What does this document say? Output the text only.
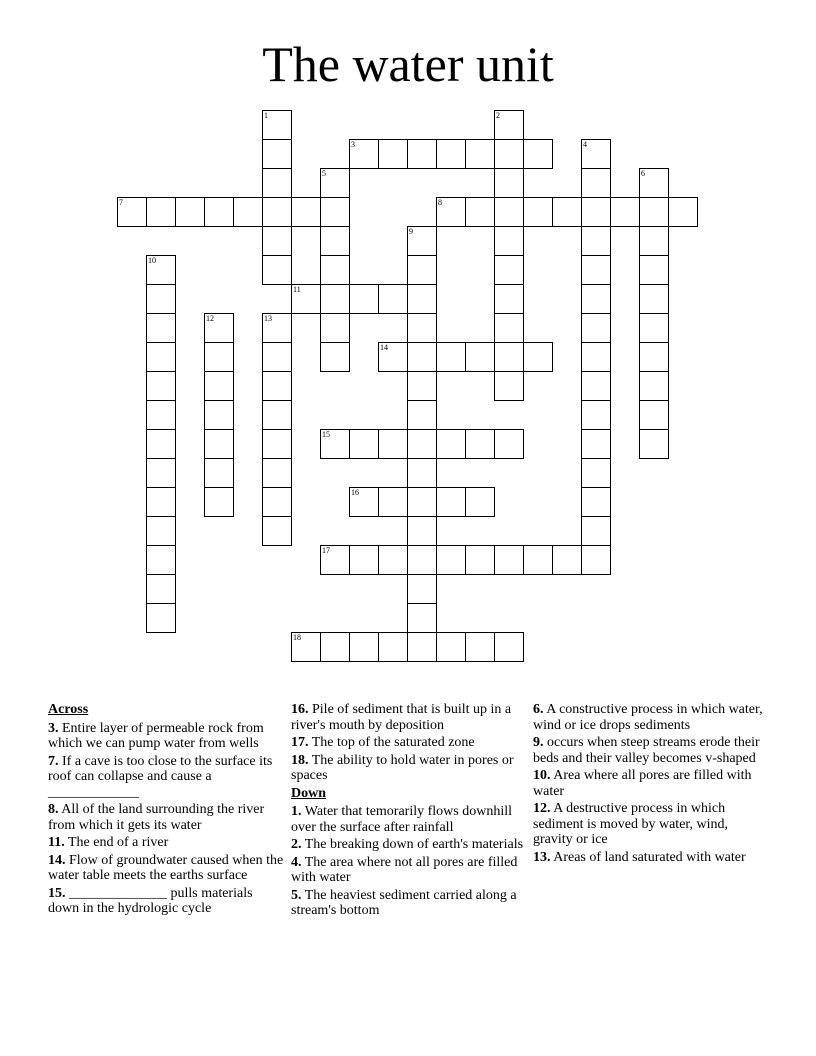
The water unit
1	2
3	4
5	6
7	8
9
10
11
12	13
14
15
16
17
18
Across
3. Entire layer of permeable rock from which we can pump water from wells
7. If a cave is too close to the surface its roof can collapse and cause a _____________
8. All of the land surrounding the river from which it gets its water
11. The end of a river
14. Flow of groundwater caused when the water table meets the earths surface
15. ______________ pulls materials down in the hydrologic cycle
16. Pile of sediment that is built up in a river's mouth by deposition
17. The top of the saturated zone
18. The ability to hold water in pores or spaces
Down
1. Water that temorarily flows downhill over the surface after rainfall
2. The breaking down of earth's materials
4. The area where not all pores are filled with water
5. The heaviest sediment carried along a stream's bottom
6. A constructive process in which water, wind or ice drops sediments
9. occurs when steep streams erode their beds and their valley becomes v-shaped
10. Area where all pores are filled with water
12. A destructive process in which sediment is moved by water, wind, gravity or ice
13. Areas of land saturated with water
